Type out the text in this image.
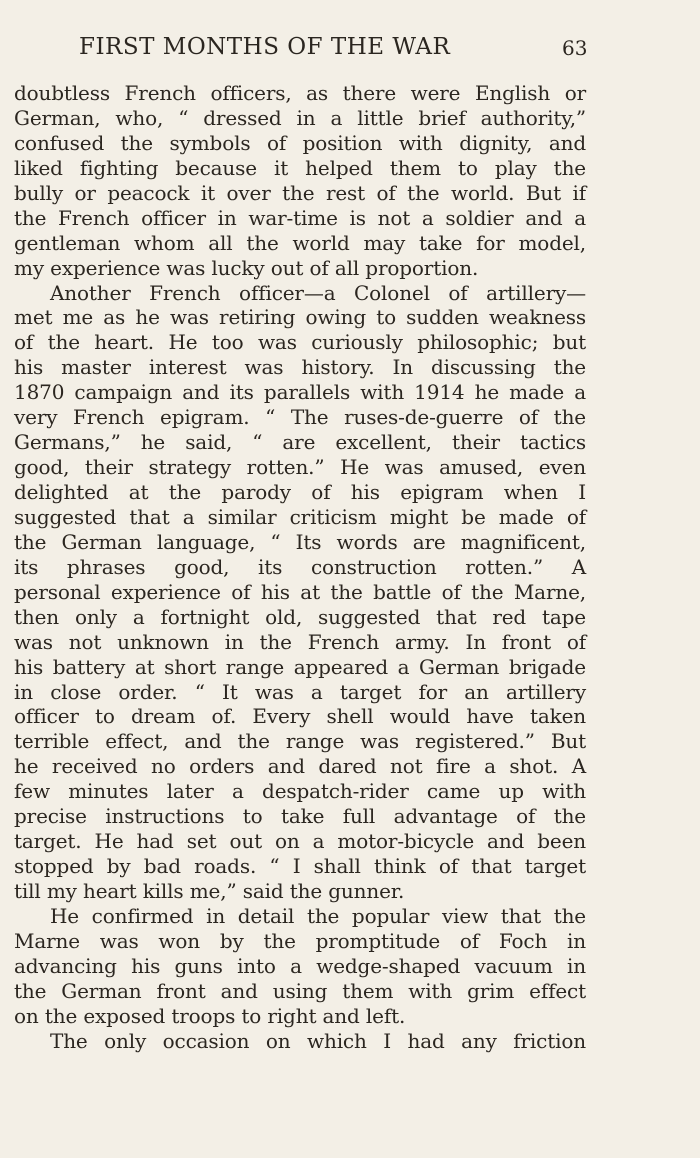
FIRST MONTHS OF THE WAR	63
doubtless French officers, as there were English or
German, who, “ dressed in a little brief authority,”
confused the symbols of position with dignity, and
liked fighting because it helped them to play the
bully or peacock it over the rest of the world. But if
the French officer in war-time is not a soldier and a
gentleman whom all the world may take for model,
my experience was lucky out of all proportion.
Another French officer—a Colonel of artillery—
met me as he was retiring owing to sudden weakness
of the heart. He too was curiously philosophic; but
his master interest was history. In discussing the
1870 campaign and its parallels with 1914 he made a
very French epigram. “ The ruses-de-guerre of the
Germans,” he said, “ are excellent, their tactics
good, their strategy rotten.” He was amused, even
delighted at the parody of his epigram when I
suggested that a similar criticism might be made of
the German language, “ Its words are magnificent,
its phrases good, its construction rotten.” A
personal experience of his at the battle of the Marne,
then only a fortnight old, suggested that red tape
was not unknown in the French army. In front of
his battery at short range appeared a German brigade
in close order. “ It was a target for an artillery
officer to dream of. Every shell would have taken
terrible effect, and the range was registered.” But
he received no orders and dared not fire a shot. A
few minutes later a despatch-rider came up with
precise instructions to take full advantage of the
target. He had set out on a motor-bicycle and been
stopped by bad roads. “ I shall think of that target
till my heart kills me,” said the gunner.
He confirmed in detail the popular view that the
Marne was won by the promptitude of Foch in
advancing his guns into a wedge-shaped vacuum in
the German front and using them with grim effect
on the exposed troops to right and left.
The only occasion on which I had any friction
